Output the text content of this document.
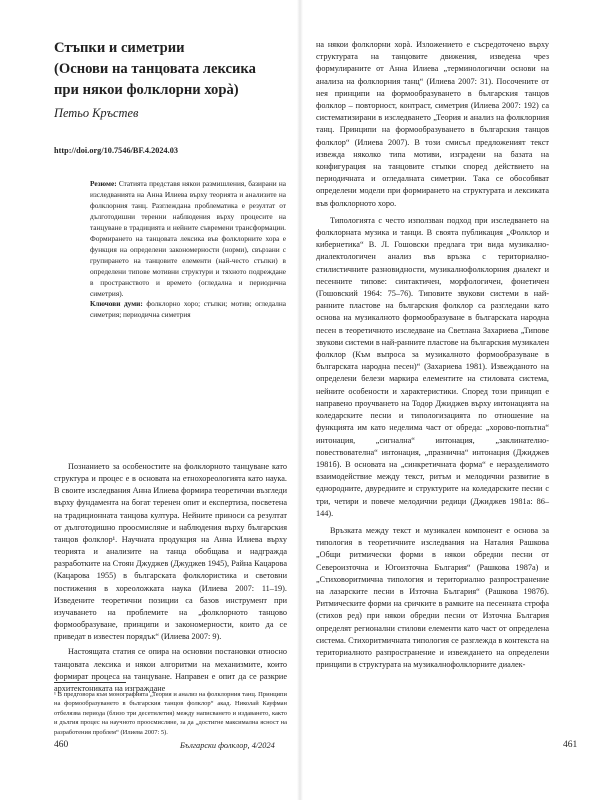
Стъпки и симетрии
(Основи на танцовата лексика
при някои фолклорни хорà)
Петьо Кръстев
http://doi.org/10.7546/BF.4.2024.03
Резюме: Статията представя някои размишления, базирани на изследванията на Анна Илиева върху теорията и анализите на фолклорния танц. Разглеждана проблематика е резултат от дълготодишни теренни наблюдения върху процесите на танцуване в традицията и нейните съвремени трансформации. Формирането на танцовата лексика във фолклорните хора е функция на определени закономерности (норми), свързани с групирането на танцовите елементи (най-често стъпки) в определени типове мотивни структури и тяхното подреждане в пространството и времето (огледална и периодична симетрия).
Ключови думи: фолклорно хоро; стъпки; мотив; огледална симетрия; периодична симетрия

Познанието за особеностите на фолклорното танцуване като структура и процес е в основата на етнохореологията като наука. В своите изследвания Анна Илиева формира теоретични възгледи върху фундамента на богат теренен опит и експертиза, посветена на традиционната танцова култура. Нейните приноси са резултат от дълготодишно проосмисляне и наблюдения върху българския танцов фолклор¹. Научната продукция на Анна Илиева върху теорията и анализите на танца обобщава и надгражда разработките на Стоян Джуджев (Джуджев 1945), Райна Кацарова (Кацарова 1955) в българската фолклористика и световни постижения в хореоложката наука (Илиева 2007: 11–19). Изведените теоретични позиции са базов инструмент при изучаването на проблемите на „фолклорното танцово формообразуване, принципи и закономерности, които да се приведат в известен порядък“ (Илиева 2007: 9).

Настоящата статия се опира на основни постановки относно танцовата лексика и някои алгоритми на механизмите, които формират процеса на танцуване. Направен е опит да се разкрие архитектониката на изграждане

¹ В предговора към монографията „Теория и анализ на фолклорния танц. Принципи на формообразуването в българския танцов фолклор“ акад. Николай Кауфман отбелязва периода (близо три десетилетия) между написването и издаването, както и дългия процес на научното проосмисляне, за да „достигне максимална ясност на разработения проблем“ (Илиева 2007: 5).
460	Български фолклор, 4/2024

на някои фолклорни хорà. Изложението е съсредоточено върху структурата на танцовите движения, изведена чрез формулираните от Анна Илиева „терминологични основи на анализа на фолклорния танц“ (Илиева 2007: 31). Посочените от нея принципи на формообразуването в българския танцов фолклор – повторност, контраст, симетрия (Илиева 2007: 192) са систематизирани в изследването „Теория и анализ на фолклорния танц. Принципи на формообразуването в българския танцов фолклор“ (Илиева 2007). В този смисъл предложеният текст извежда няколко типа мотиви, изградени на базата на конфигурация на танцовите стъпки според действието на периодичната и огледалната симетрии. Така се обособяват определени модели при формирането на структурата и лексиката във фолклорното хоро.

Типологията с често използван подход при изследването на фолклорната музика и танци. В своята публикация „Фолклор и кибернетика“ В. Л. Гошовски предлага три вида музикално-диалектологичен анализ във връзка с териториално-стилистичните разновидности, музикалнофолклорния диалект и песенните типове: синтактичен, морфологичен, фонетичен (Гошовский 1964: 75–76). Типовите звукови системи в най-ранните пластове на българския фолклор са разгледани като основа на музикалното формообразуване в българската народна песен в теоретичното изследване на Светлана Захариева „Типове звукови системи в най-ранните пластове на българския музикален фолклор (Към въпроса за музикалното формообразуване в българската народна песен)“ (Захариева 1981). Извежданото на определени белези маркира елементите на стиловата система, нейните особености и характеристики. Според този принцип е направено проучването на Тодор Джиджев върху интонацията на коледарските песни и типологизацията по отношение на функцията им като неделима част от обреда: „хорово-попътна“ интонация, „сигнална“ интонация, „заклинателно-повествователна“ интонация, „празнична“ интонация (Джиджев 1981б). В основата на „синкретичната форма“ е неразделимото взаимодействие между текст, ритъм и мелодични развитие в еднородните, двуредните и структурите на коледарските песни с три, четири и повече мелодични редици (Джиджев 1981а: 86–144).

Връзката между текст и музикален компонент е основа за типология в теоретичните изследвания на Наталия Рашкова „Общи ритмически форми в някои обредни песни от Североизточна и Югоизточна България“ (Рашкова 1987а) и „Стиховоритмична типология и териториално разпространение на лазарските песни в Източна България“ (Рашкова 1987б). Ритмическите форми на сричките в рамките на песенната строфа (стихов ред) при някои обредни песни от Източна България определят регионални стилови елементи като част от определена система. Стихоритмичната типология се разглежда в контекста на териториалното разпространение и извеждането на определени принципи в структурата на музикалнофолклорните диалек-

461
